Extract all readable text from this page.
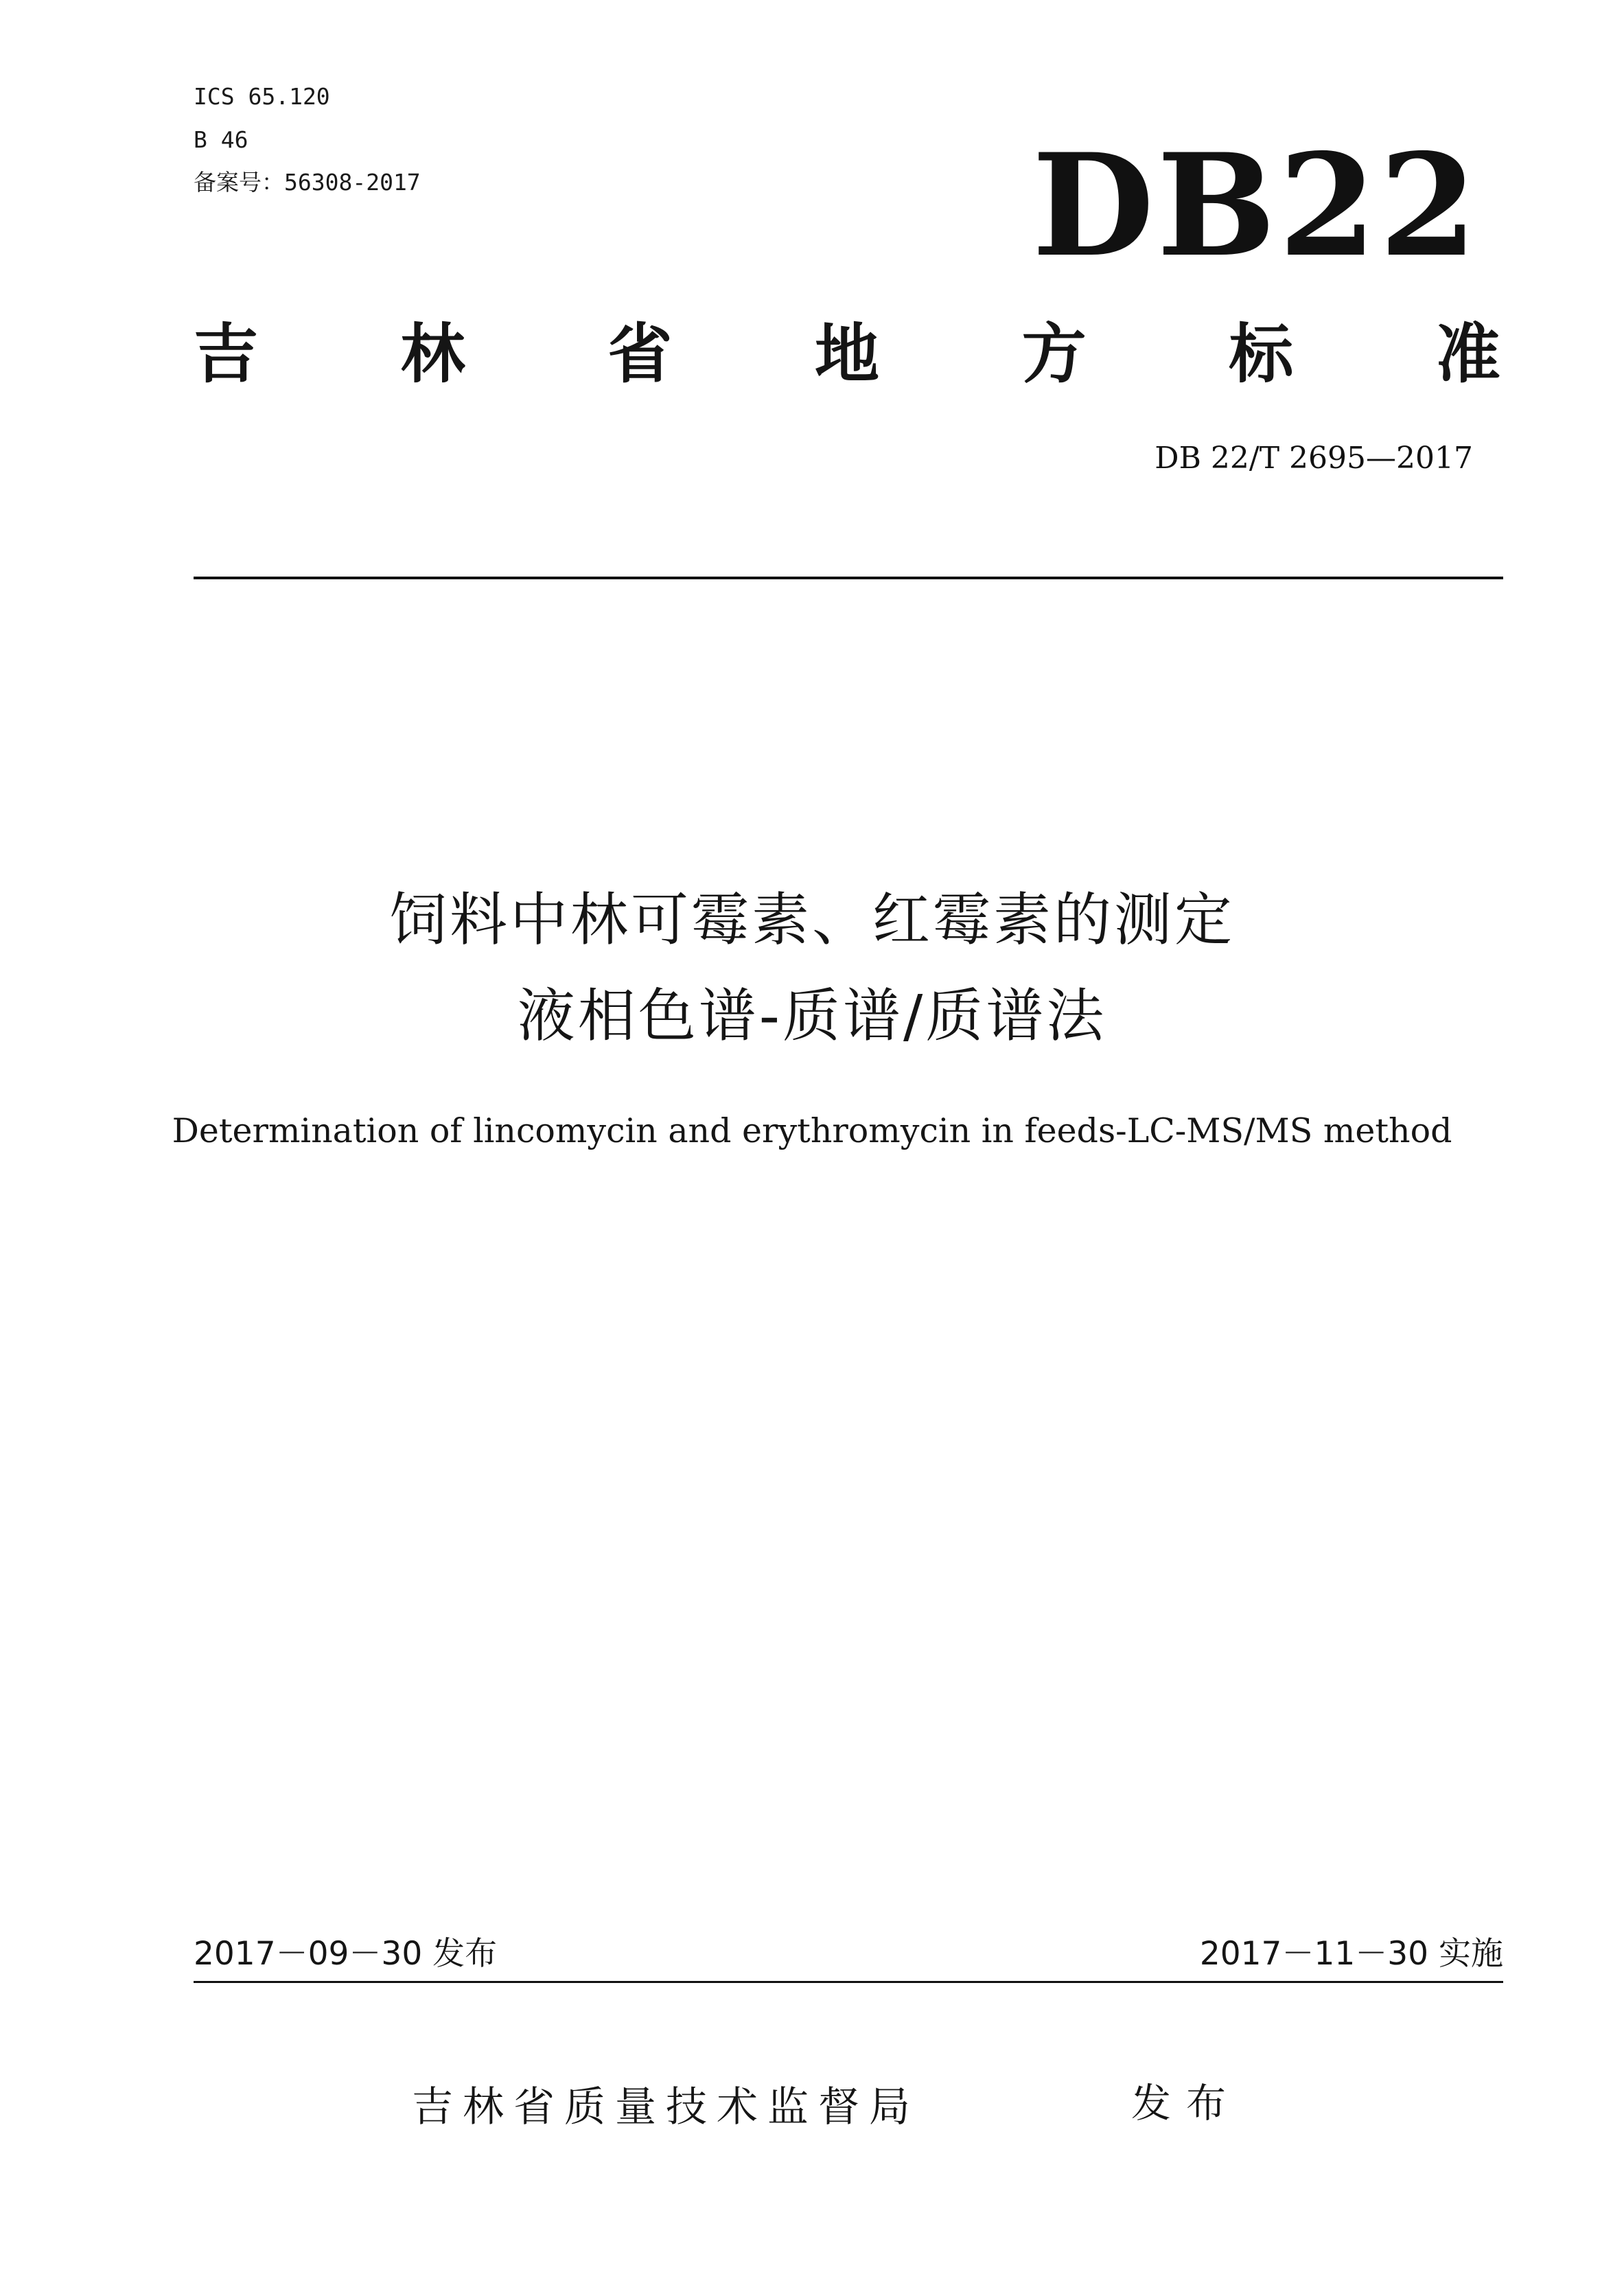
ICS 65.120
B 46
备案号：56308-2017	DB22
吉 林 省 地 方 标 准
DB 22/T 2695—2017
饲料中林可霉素、红霉素的测定
液相色谱-质谱/质谱法
Determination of lincomycin and erythromycin in feeds-LC-MS/MS method
2017－09－30 发布	2017－11－30 实施
吉林省质量技术监督局	发布
